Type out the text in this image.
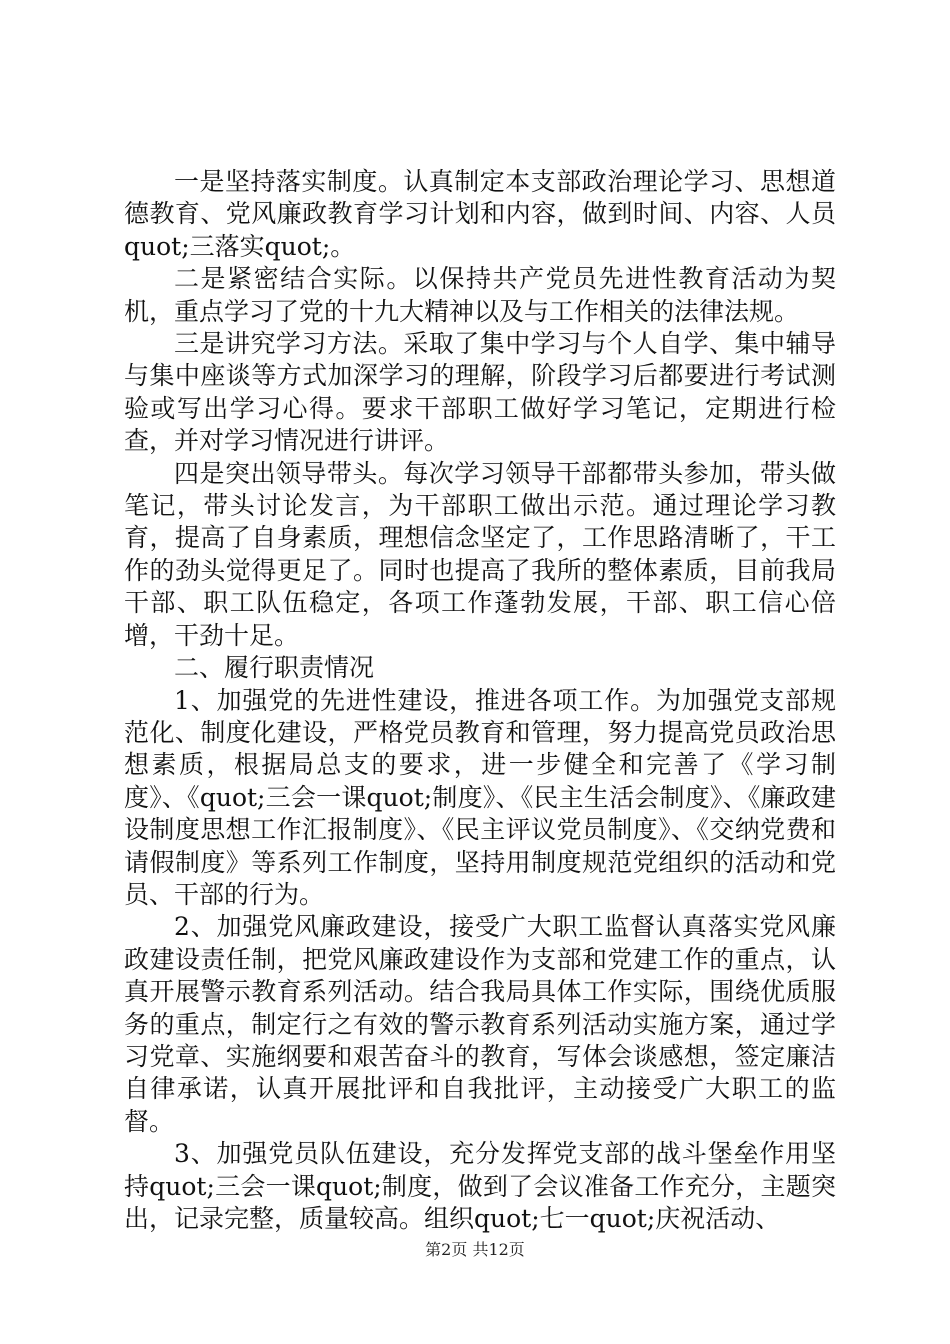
一是坚持落实制度。认真制定本支部政治理论学习、思想道德教育、党风廉政教育学习计划和内容，做到时间、内容、人员quot;三落实quot;。

二是紧密结合实际。以保持共产党员先进性教育活动为契机，重点学习了党的十九大精神以及与工作相关的法律法规。

三是讲究学习方法。采取了集中学习与个人自学、集中辅导与集中座谈等方式加深学习的理解，阶段学习后都要进行考试测验或写出学习心得。要求干部职工做好学习笔记，定期进行检查，并对学习情况进行讲评。

四是突出领导带头。每次学习领导干部都带头参加，带头做笔记，带头讨论发言，为干部职工做出示范。通过理论学习教育，提高了自身素质，理想信念坚定了，工作思路清晰了，干工作的劲头觉得更足了。同时也提高了我所的整体素质，目前我局干部、职工队伍稳定，各项工作蓬勃发展，干部、职工信心倍增，干劲十足。

二、履行职责情况

1、加强党的先进性建设，推进各项工作。为加强党支部规范化、制度化建设，严格党员教育和管理，努力提高党员政治思想素质，根据局总支的要求，进一步健全和完善了《学习制度》、《quot;三会一课quot;制度》、《民主生活会制度》、《廉政建设制度思想工作汇报制度》、《民主评议党员制度》、《交纳党费和请假制度》等系列工作制度，坚持用制度规范党组织的活动和党员、干部的行为。

2、加强党风廉政建设，接受广大职工监督认真落实党风廉政建设责任制，把党风廉政建设作为支部和党建工作的重点，认真开展警示教育系列活动。结合我局具体工作实际，围绕优质服务的重点，制定行之有效的警示教育系列活动实施方案，通过学习党章、实施纲要和艰苦奋斗的教育，写体会谈感想，签定廉洁自律承诺，认真开展批评和自我批评，主动接受广大职工的监督。

3、加强党员队伍建设，充分发挥党支部的战斗堡垒作用坚持quot;三会一课quot;制度，做到了会议准备工作充分，主题突出，记录完整，质量较高。组织quot;七一quot;庆祝活动、

第2页 共12页
